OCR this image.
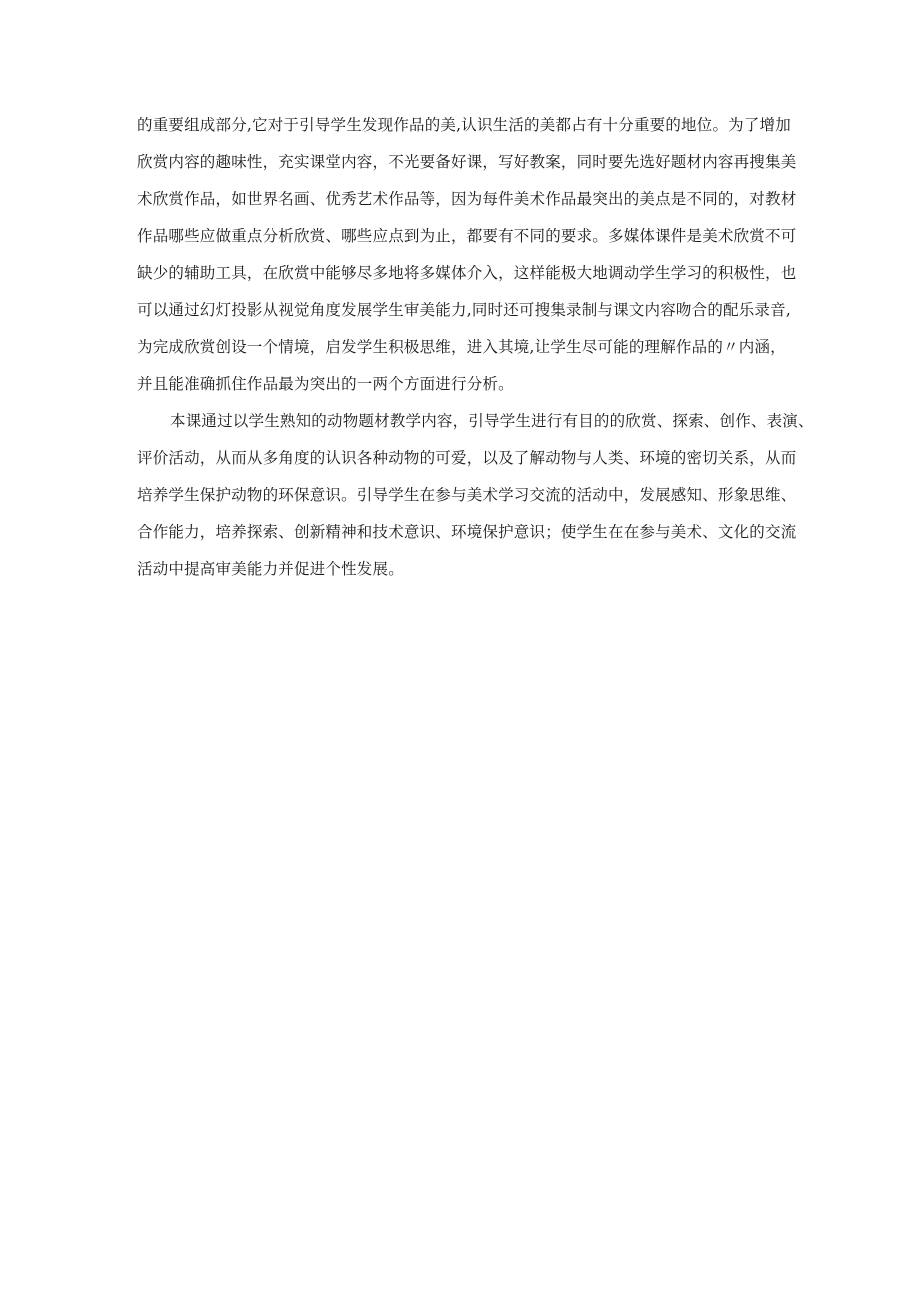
的重要组成部分,它对于引导学生发现作品的美,认识生活的美都占有十分重要的地位。为了增加
欣赏内容的趣味性，充实课堂内容，不光要备好课，写好教案，同时要先选好题材内容再搜集美
术欣赏作品，如世界名画、优秀艺术作品等，因为每件美术作品最突出的美点是不同的，对教材
作品哪些应做重点分析欣赏、哪些应点到为止，都要有不同的要求。多媒体课件是美术欣赏不可
缺少的辅助工具，在欣赏中能够尽多地将多媒体介入，这样能极大地调动学生学习的积极性，也
可以通过幻灯投影从视觉角度发展学生审美能力,同时还可搜集录制与课文内容吻合的配乐录音,
为完成欣赏创设一个情境，启发学生积极思维，进入其境,让学生尽可能的理解作品的〃内涵，
并且能准确抓住作品最为突出的一两个方面进行分析。
本课通过以学生熟知的动物题材教学内容，引导学生进行有目的的欣赏、探索、创作、表演、
评价活动，从而从多角度的认识各种动物的可爱，以及了解动物与人类、环境的密切关系，从而
培养学生保护动物的环保意识。引导学生在参与美术学习交流的活动中，发展感知、形象思维、
合作能力，培养探索、创新精神和技术意识、环境保护意识；使学生在在参与美术、文化的交流
活动中提高审美能力并促进个性发展。
